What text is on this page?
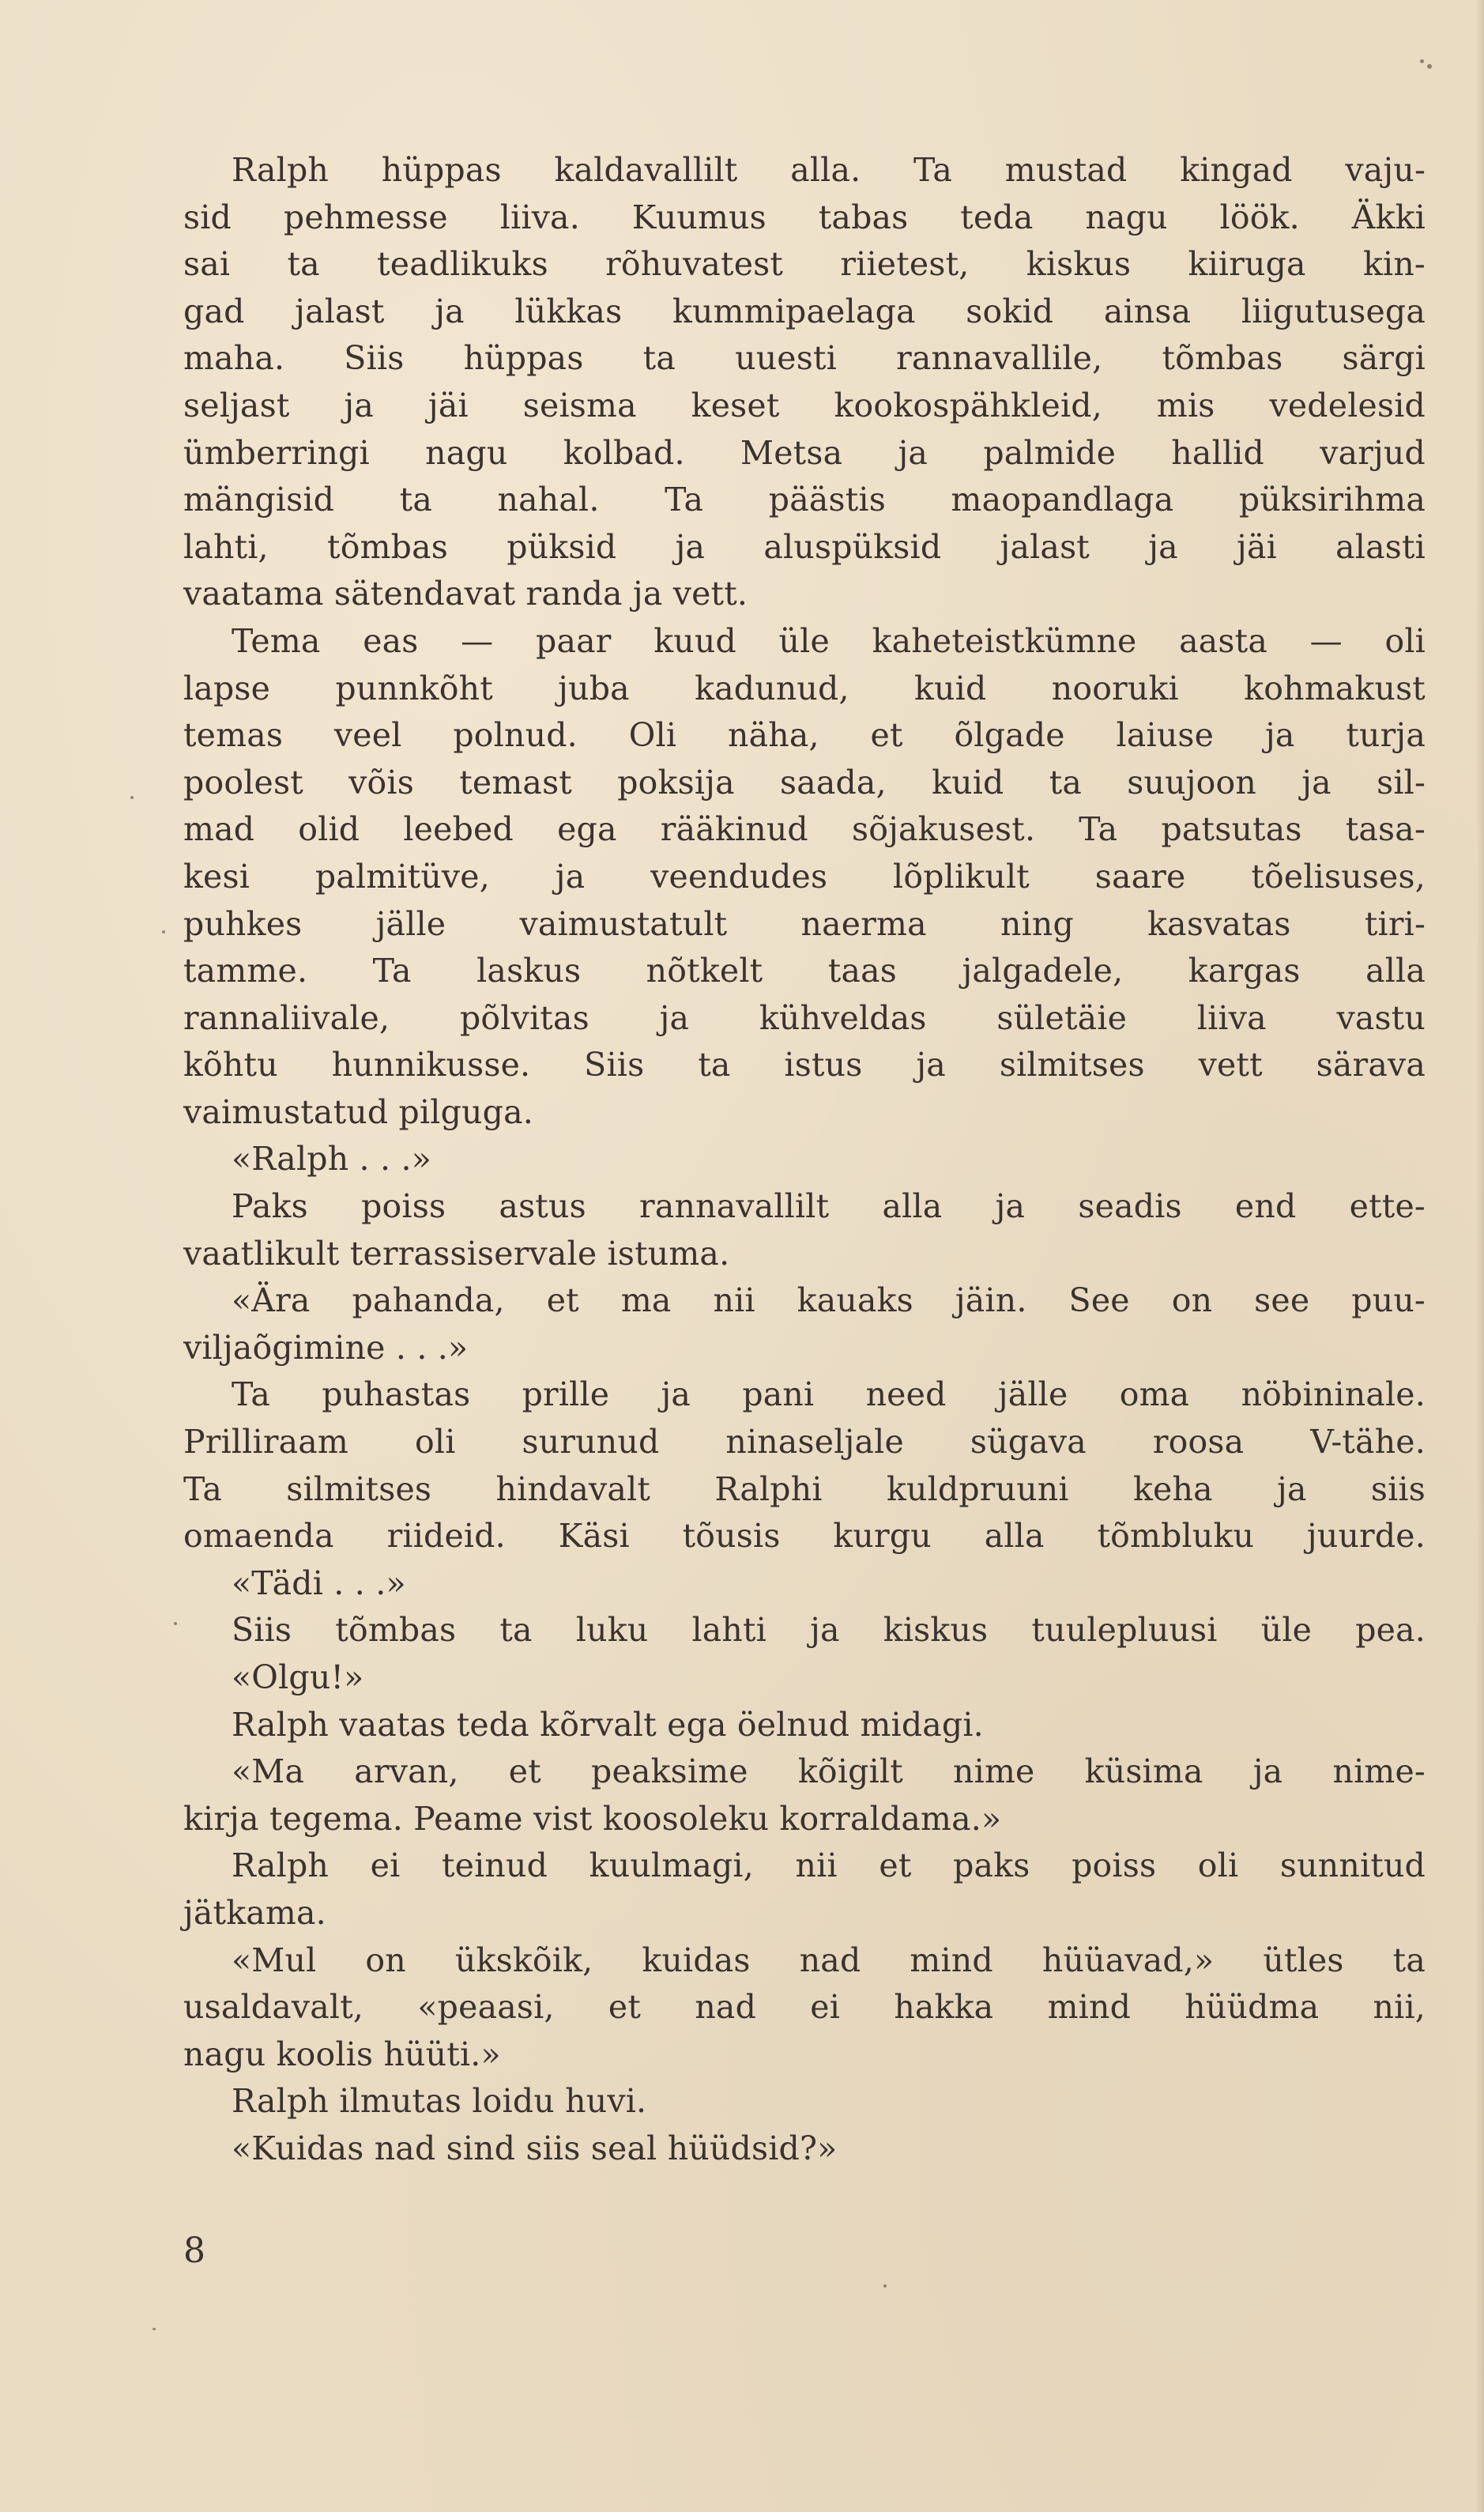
Ralph hüppas kaldavallilt alla. Ta mustad kingad vaju-
sid pehmesse liiva. Kuumus tabas teda nagu löök. Äkki
sai ta teadlikuks rõhuvatest riietest, kiskus kiiruga kin-
gad jalast ja lükkas kummipaelaga sokid ainsa liigutusega
maha. Siis hüppas ta uuesti rannavallile, tõmbas särgi
seljast ja jäi seisma keset kookospähkleid, mis vedelesid
ümberringi nagu kolbad. Metsa ja palmide hallid varjud
mängisid ta nahal. Ta päästis maopandlaga püksirihma
lahti, tõmbas püksid ja aluspüksid jalast ja jäi alasti
vaatama sätendavat randa ja vett.
Tema eas — paar kuud üle kaheteistkümne aasta — oli
lapse punnkõht juba kadunud, kuid nooruki kohmakust
temas veel polnud. Oli näha, et õlgade laiuse ja turja
poolest võis temast poksija saada, kuid ta suujoon ja sil-
mad olid leebed ega rääkinud sõjakusest. Ta patsutas tasa-
kesi palmitüve, ja veendudes lõplikult saare tõelisuses,
puhkes jälle vaimustatult naerma ning kasvatas tiri-
tamme. Ta laskus nõtkelt taas jalgadele, kargas alla
rannaliivale, põlvitas ja kühveldas sületäie liiva vastu
kõhtu hunnikusse. Siis ta istus ja silmitses vett särava
vaimustatud pilguga.
«Ralph . . .»
Paks poiss astus rannavallilt alla ja seadis end ette-
vaatlikult terrassiservale istuma.
«Ära pahanda, et ma nii kauaks jäin. See on see puu-
viljaõgimine . . .»
Ta puhastas prille ja pani need jälle oma nöbininale.
Prilliraam oli surunud ninaseljale sügava roosa V-tähe.
Ta silmitses hindavalt Ralphi kuldpruuni keha ja siis
omaenda riideid. Käsi tõusis kurgu alla tõmbluku juurde.
«Tädi . . .»
Siis tõmbas ta luku lahti ja kiskus tuulepluusi üle pea.
«Olgu!»
Ralph vaatas teda kõrvalt ega öelnud midagi.
«Ma arvan, et peaksime kõigilt nime küsima ja nime-
kirja tegema. Peame vist koosoleku korraldama.»
Ralph ei teinud kuulmagi, nii et paks poiss oli sunnitud
jätkama.
«Mul on ükskõik, kuidas nad mind hüüavad,» ütles ta
usaldavalt, «peaasi, et nad ei hakka mind hüüdma nii,
nagu koolis hüüti.»
Ralph ilmutas loidu huvi.
«Kuidas nad sind siis seal hüüdsid?»
8
